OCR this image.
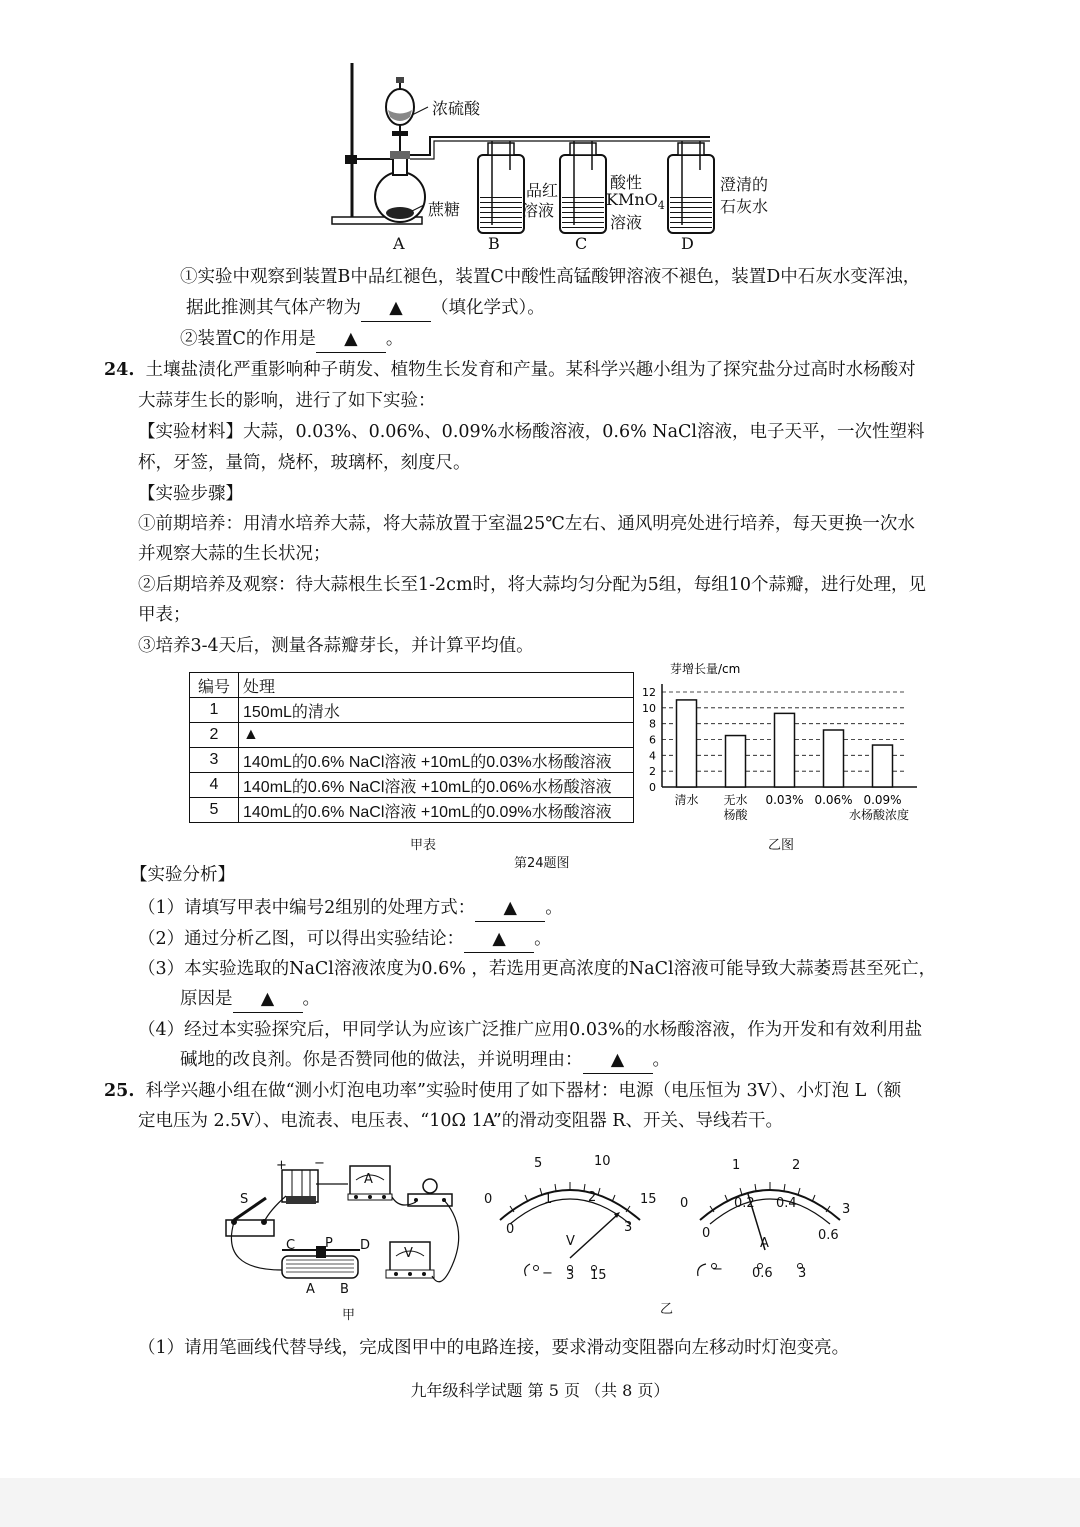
浓硫酸
蔗糖
品红
溶液
酸性
KMnO$_4$
溶液
澄清的
石灰水
A	B	C	D
①实验中观察到装置B中品红褪色，装置C中酸性高锰酸钾溶液不褪色，装置D中石灰水变浑浊，
据此推测其气体产物为 ▲ （填化学式）。
②装置C的作用是 ▲ 。
24. 土壤盐渍化严重影响种子萌发、植物生长发育和产量。某科学兴趣小组为了探究盐分过高时水杨酸对
大蒜芽生长的影响，进行了如下实验：
【实验材料】大蒜，0.03%、0.06%、0.09%水杨酸溶液，0.6% NaCl溶液，电子天平，一次性塑料
杯，牙签，量筒，烧杯，玻璃杯，刻度尺。
【实验步骤】
①前期培养：用清水培养大蒜，将大蒜放置于室温25℃左右、通风明亮处进行培养，每天更换一次水
并观察大蒜的生长状况；
②后期培养及观察：待大蒜根生长至1-2cm时，将大蒜均匀分配为5组，每组10个蒜瓣，进行处理，见
甲表；
③培养3-4天后，测量各蒜瓣芽长，并计算平均值。
编号	处理
1	150mL的清水
2	▲
3	140mL的0.6% NaCl溶液 +10mL的0.03%水杨酸溶液
4	140mL的0.6% NaCl溶液 +10mL的0.06%水杨酸溶液
5	140mL的0.6% NaCl溶液 +10mL的0.09%水杨酸溶液
甲表
0
2
4
6
8
10
12
芽增长量/cm
清水 无水
杨酸
0.03% 0.06% 0.09%
水杨酸浓度
乙图
第24题图
【实验分析】
（1）请填写甲表中编号2组别的处理方式： ▲ 。
（2）通过分析乙图，可以得出实验结论： ▲ 。
（3）本实验选取的NaCl溶液浓度为0.6% ，若选用更高浓度的NaCl溶液可能导致大蒜萎焉甚至死亡，
原因是 ▲ 。
（4）经过本实验探究后，甲同学认为应该广泛推广应用0.03%的水杨酸溶液，作为开发和有效利用盐
碱地的改良剂。你是否赞同他的做法，并说明理由： ▲ 。
25. 科学兴趣小组在做“测小灯泡电功率”实验时使用了如下器材：电源（电压恒为 3V）、小灯泡 L（额
定电压为 2.5V）、电流表、电压表、“10Ω 1A”的滑动变阻器 R、开关、导线若干。
S
+ −
A
V
C P D
A B
甲
0
5	10
15
0
1	2
3
V
− 3 15
0
1	2
3
0
0.2 0.4
0.6
A
− 0.6 3
乙
（1）请用笔画线代替导线，完成图甲中的电路连接，要求滑动变阻器向左移动时灯泡变亮。
九年级科学试题 第 5 页 （共 8 页）
